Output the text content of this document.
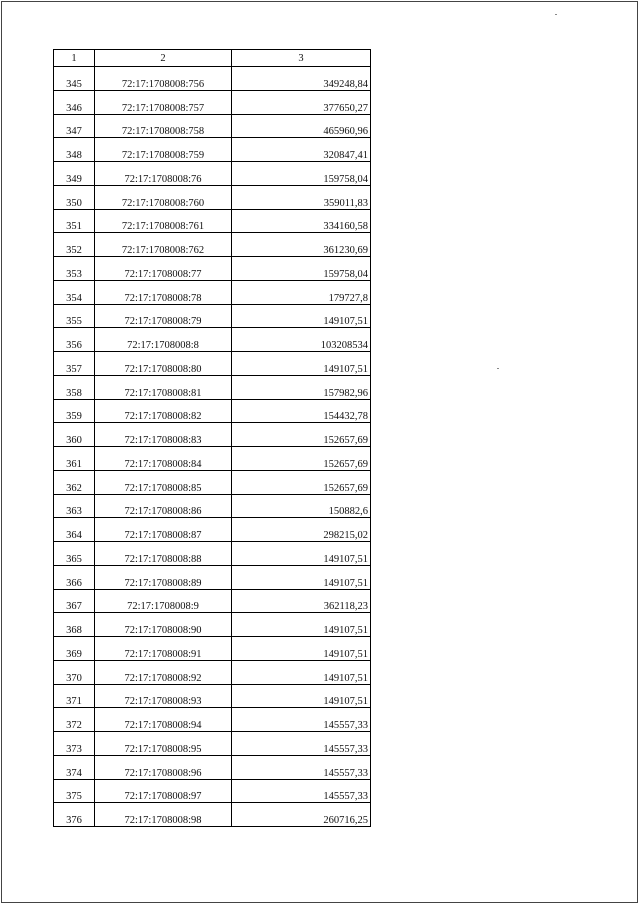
1	2	3
345	72:17:1708008:756	349248,84
346	72:17:1708008:757	377650,27
347	72:17:1708008:758	465960,96
348	72:17:1708008:759	320847,41
349	72:17:1708008:76	159758,04
350	72:17:1708008:760	359011,83
351	72:17:1708008:761	334160,58
352	72:17:1708008:762	361230,69
353	72:17:1708008:77	159758,04
354	72:17:1708008:78	179727,8
355	72:17:1708008:79	149107,51
356	72:17:1708008:8	103208534
357	72:17:1708008:80	149107,51
358	72:17:1708008:81	157982,96
359	72:17:1708008:82	154432,78
360	72:17:1708008:83	152657,69
361	72:17:1708008:84	152657,69
362	72:17:1708008:85	152657,69
363	72:17:1708008:86	150882,6
364	72:17:1708008:87	298215,02
365	72:17:1708008:88	149107,51
366	72:17:1708008:89	149107,51
367	72:17:1708008:9	362118,23
368	72:17:1708008:90	149107,51
369	72:17:1708008:91	149107,51
370	72:17:1708008:92	149107,51
371	72:17:1708008:93	149107,51
372	72:17:1708008:94	145557,33
373	72:17:1708008:95	145557,33
374	72:17:1708008:96	145557,33
375	72:17:1708008:97	145557,33
376	72:17:1708008:98	260716,25
